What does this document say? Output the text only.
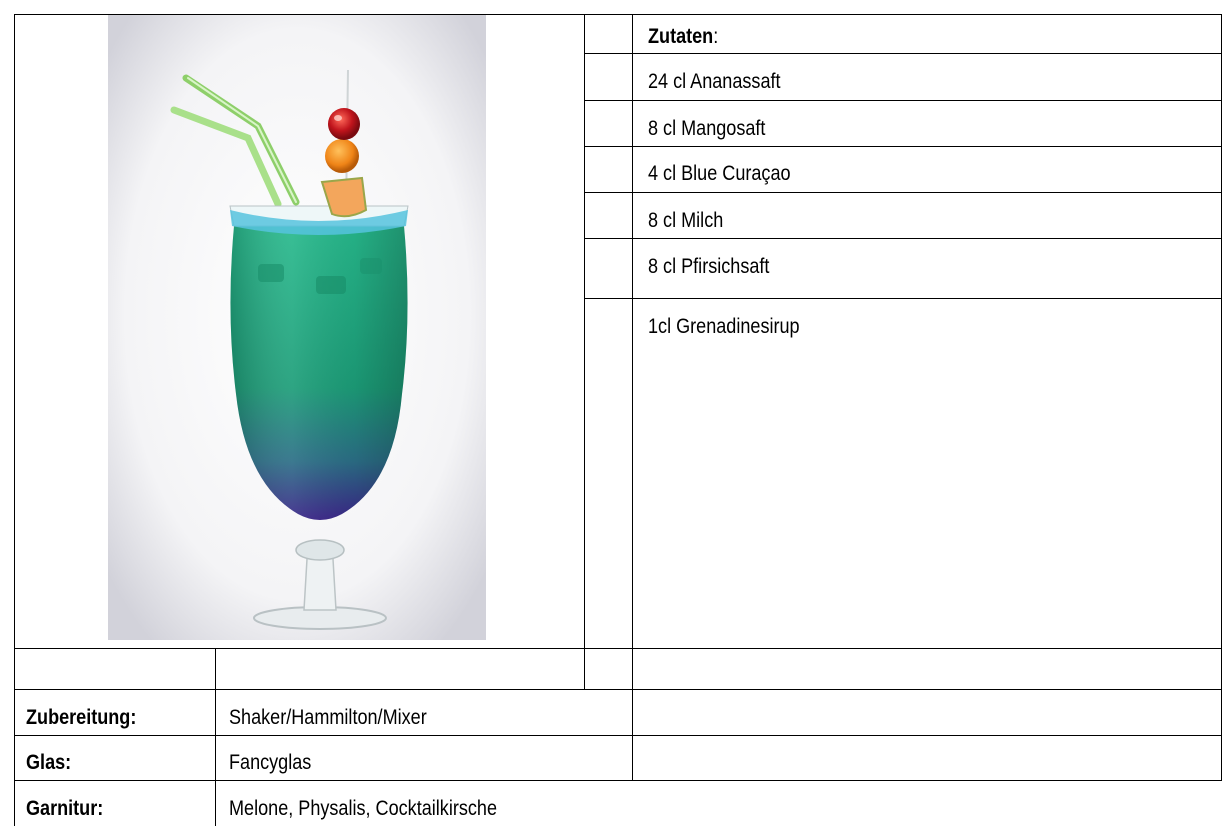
Zutaten:
24 cl Ananassaft
8 cl Mangosaft
4 cl Blue Curaçao
8 cl Milch
8 cl Pfirsichsaft
1cl Grenadinesirup
Zubereitung:	Shaker/Hammilton/Mixer
Glas:	Fancyglas
Garnitur:	Melone, Physalis, Cocktailkirsche
